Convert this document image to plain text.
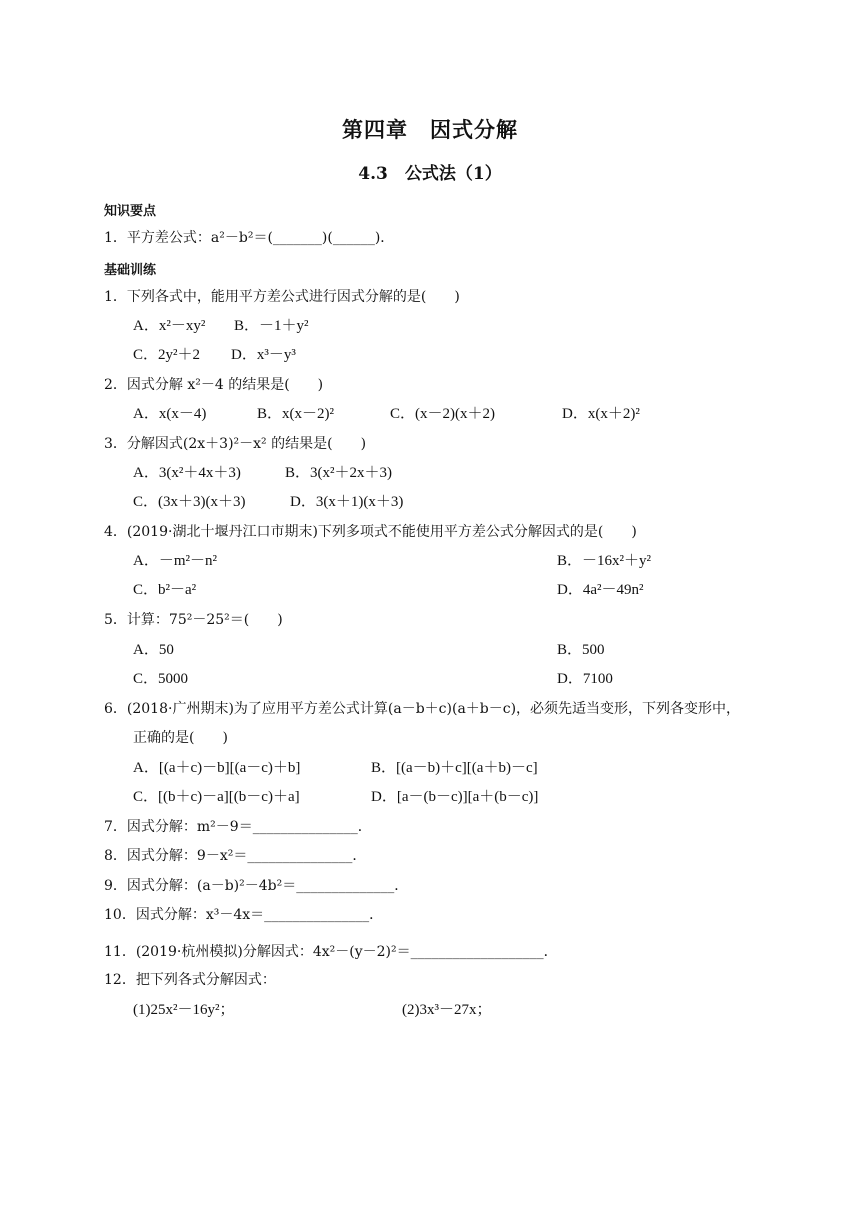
第四章　因式分解
4.3　公式法（1）
知识要点
1．平方差公式：a²－b²＝(_______)(______)．
基础训练
1．下列各式中，能用平方差公式进行因式分解的是(　　)
A．x²－xy² B．－1＋y²
C．2y²＋2 D．x³－y³
2．因式分解 x²－4 的结果是(　　)
A．x(x－4)	B．x(x－2)²	C．(x－2)(x＋2)	D．x(x＋2)²
3．分解因式(2x＋3)²－x² 的结果是(　　)
A．3(x²＋4x＋3)	B．3(x²＋2x＋3)
C．(3x＋3)(x＋3)	D．3(x＋1)(x＋3)
4．(2019·湖北十堰丹江口市期末)下列多项式不能使用平方差公式分解因式的是(　　)
A．－m²－n²	B．－16x²＋y²
C．b²－a²	D．4a²－49n²
5．计算：75²－25²＝(　　)
A．50	B．500
C．5000	D．7100
6．(2018·广州期末)为了应用平方差公式计算(a－b＋c)(a＋b－c)，必须先适当变形，下列各变形中，
正确的是(　　)
A．[(a＋c)－b][(a－c)＋b]	B．[(a－b)＋c][(a＋b)－c]
C．[(b＋c)－a][(b－c)＋a]	D．[a－(b－c)][a＋(b－c)]
7．因式分解：m²－9＝_______________．
8．因式分解：9－x²＝_______________．
9．因式分解：(a－b)²－4b²＝______________．
10．因式分解：x³－4x＝_______________．
11．(2019·杭州模拟)分解因式：4x²－(y－2)²＝___________________．
12．把下列各式分解因式：
(1)25x²－16y²；	(2)3x³－27x；
